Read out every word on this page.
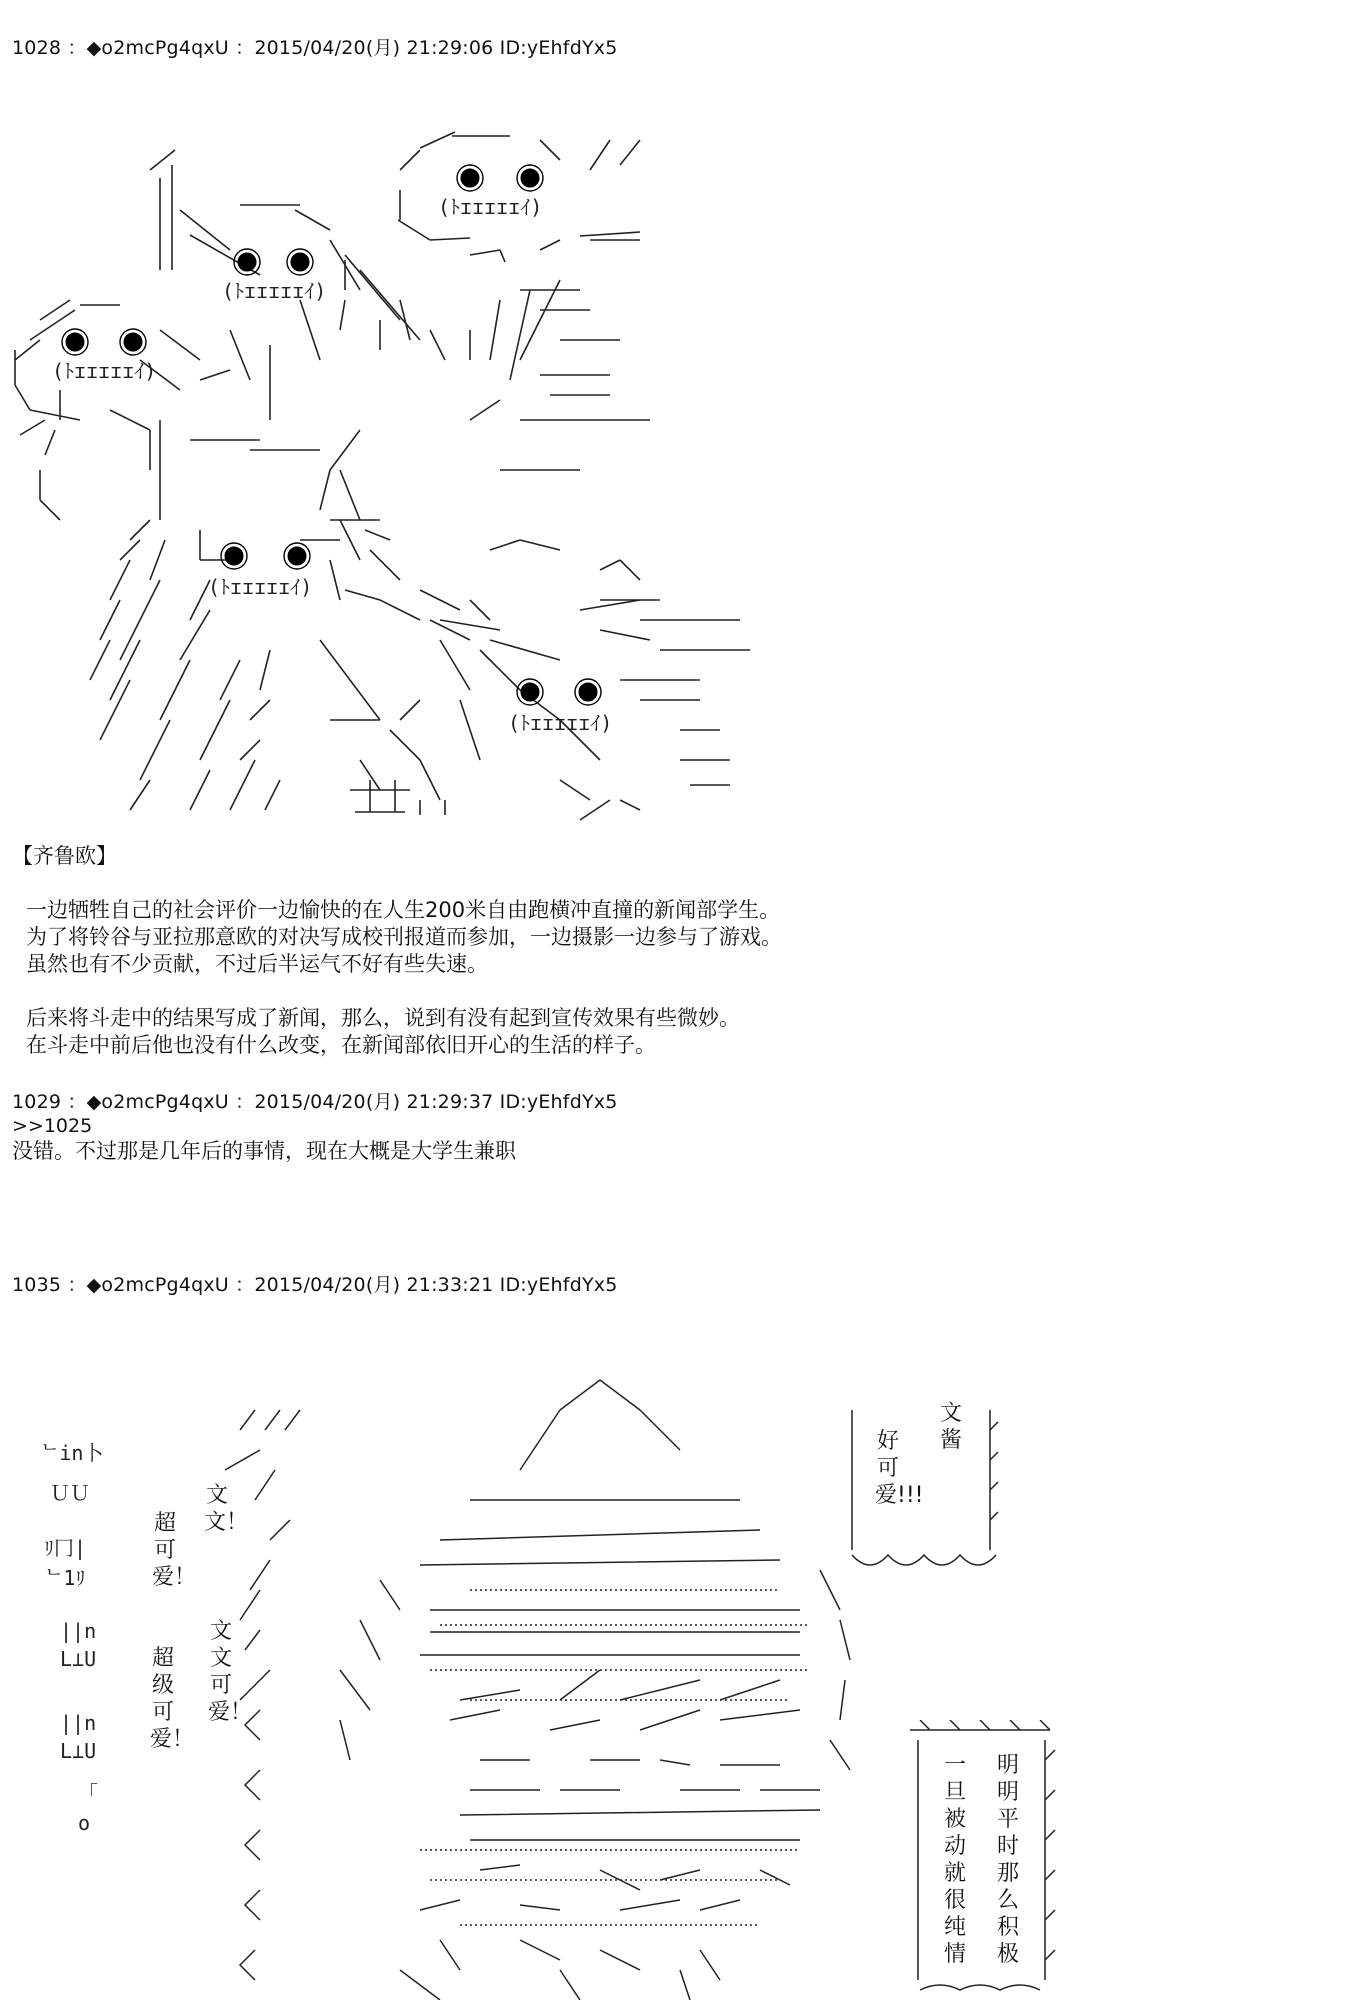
1028 ：◆o2mcPg4qxU ：2015/04/20(月) 21:29:06 ID:yEhfdYx5
(ﾄɪɪɪɪɪｲ)
(ﾄɪɪɪɪɪｲ)
(ﾄɪɪɪɪɪｲ)
(ﾄɪɪɪɪɪｲ)
(ﾄɪɪɪɪɪｲ)
【齐鲁欧】
一边牺牲自己的社会评价一边愉快的在人生200米自由跑横冲直撞的新闻部学生。
为了将铃谷与亚拉那意欧的对决写成校刊报道而参加，一边摄影一边参与了游戏。
虽然也有不少贡献，不过后半运气不好有些失速。

后来将斗走中的结果写成了新闻，那么，说到有没有起到宣传效果有些微妙。
在斗走中前后他也没有什么改变，在新闻部依旧开心的生活的样子。
1029 ：◆o2mcPg4qxU ：2015/04/20(月) 21:29:37 ID:yEhfdYx5
>>1025
没错。不过那是几年后的事情，现在大概是大学生兼职
1035 ：◆o2mcPg4qxU ：2015/04/20(月) 21:33:21 ID:yEhfdYx5
ᄂin卜
ＵＵ
ﾘ冂|
ᄂ1ﾘ
||n
L⊥U
||n
L⊥U
「
o
超可爱！
超级可爱！
文文！
文文可爱！
好可爱!!!
文酱
一旦被动就很纯情
明明平时那么积极
